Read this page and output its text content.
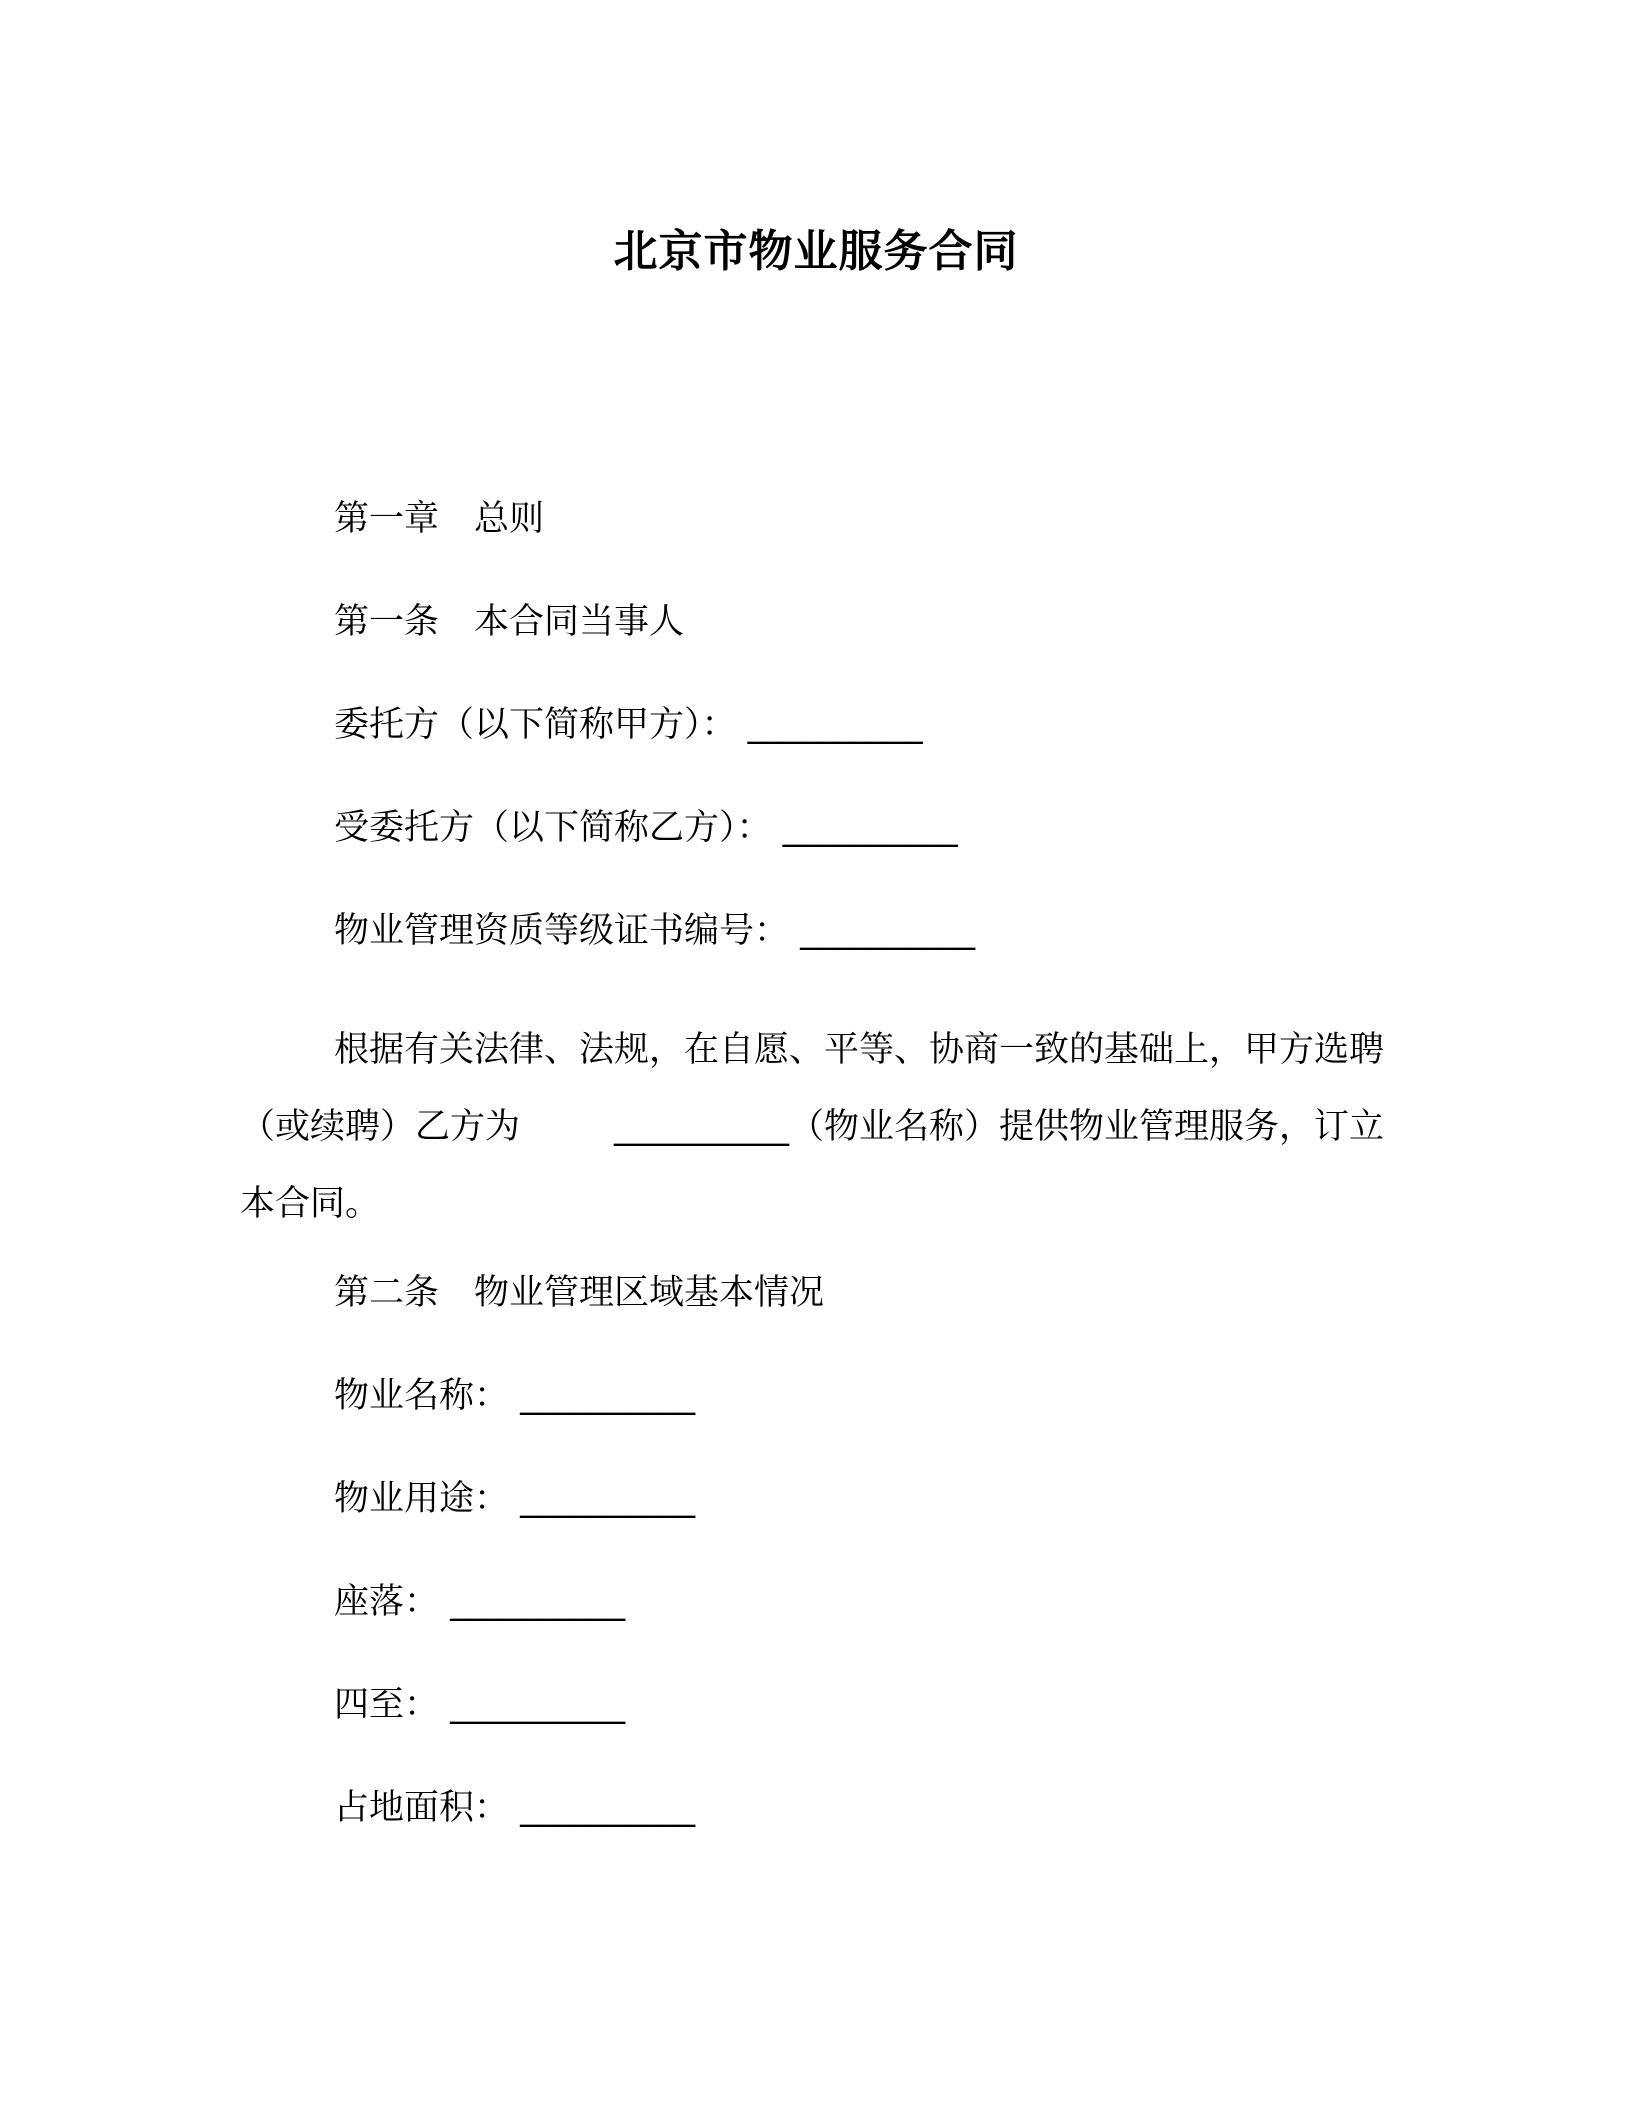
北京市物业服务合同
第一章　总则
第一条　本合同当事人
委托方（以下简称甲方）： __________
受委托方（以下简称乙方）： __________
物业管理资质等级证书编号： __________
根据有关法律、法规，在自愿、平等、协商一致的基础上，甲方选聘（或续聘）乙方为	__________（物业名称）提供物业管理服务，订立本合同。
第二条　物业管理区域基本情况
物业名称： __________
物业用途： __________
座落： __________
四至： __________
占地面积： __________
